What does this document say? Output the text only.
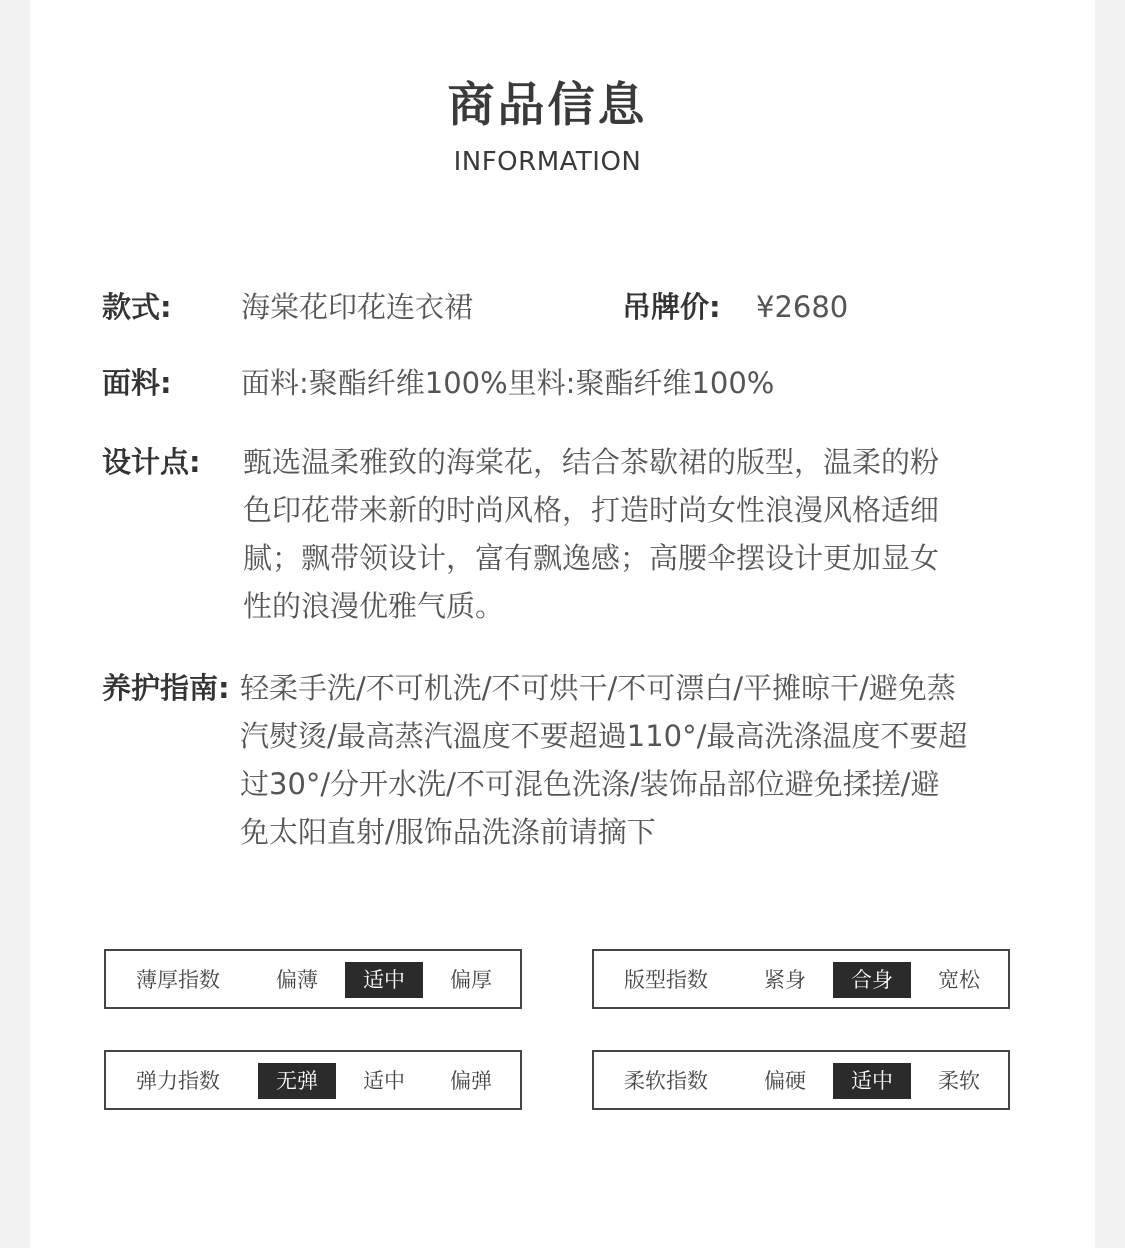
商品信息
INFORMATION
款式: 海棠花印花连衣裙	吊牌价: ¥2680
面料: 面料:聚酯纤维100%里料:聚酯纤维100%
设计点: 甄选温柔雅致的海棠花，结合茶歇裙的版型，温柔的粉
色印花带来新的时尚风格，打造时尚女性浪漫风格适细
腻；飘带领设计，富有飘逸感；高腰伞摆设计更加显女
性的浪漫优雅气质。
养护指南: 轻柔手洗/不可机洗/不可烘干/不可漂白/平摊晾干/避免蒸
汽熨烫/最高蒸汽溫度不要超過110°/最高洗涤温度不要超
过30°/分开水洗/不可混色洗涤/装饰品部位避免揉搓/避
免太阳直射/服饰品洗涤前请摘下
薄厚指数	偏薄	适中	偏厚	版型指数	紧身	合身	宽松
弹力指数	无弹	适中	偏弹	柔软指数	偏硬	适中	柔软
